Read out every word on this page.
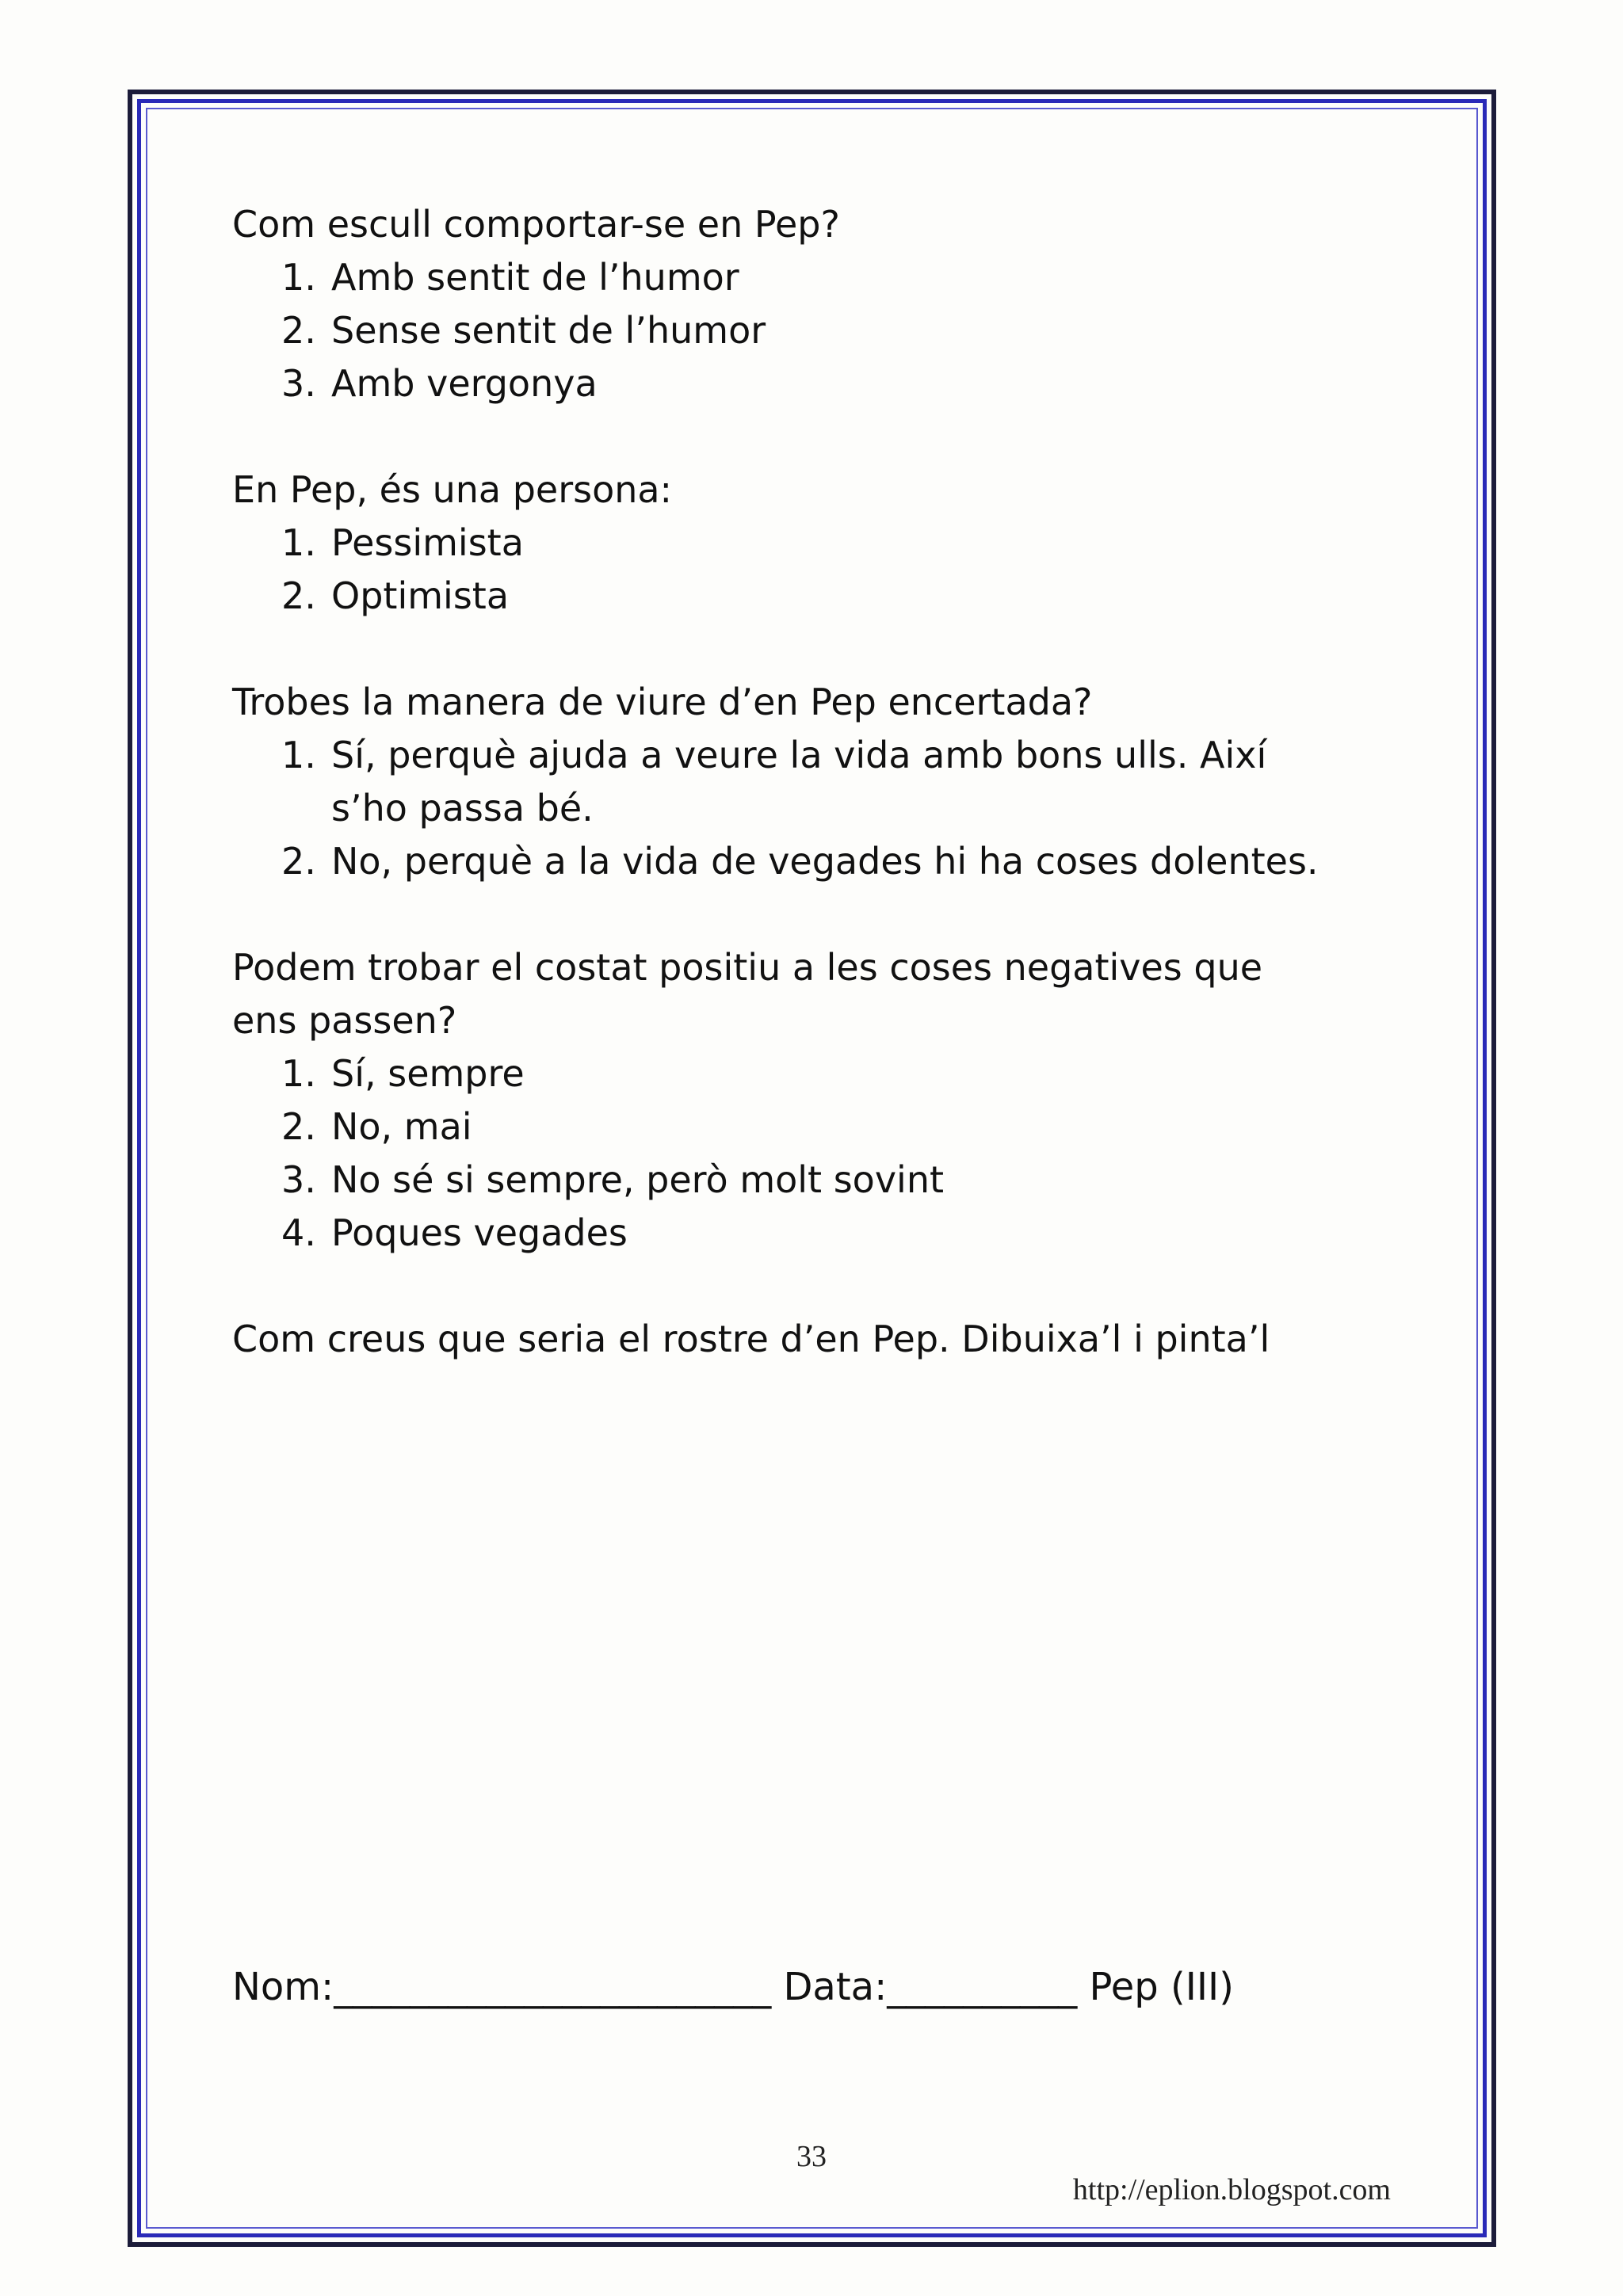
Com escull comportar-se en Pep?

1. Amb sentit de l’humor
2. Sense sentit de l’humor
3. Amb vergonya

En Pep, és una persona:

1. Pessimista
2. Optimista

Trobes la manera de viure d’en Pep encertada?

1. Sí, perquè ajuda a veure la vida amb bons ulls. Així s’ho passa bé.
2. No, perquè a la vida de vegades hi ha coses dolentes.

Podem trobar el costat positiu a les coses negatives que ens passen?

1. Sí, sempre
2. No, mai
3. No sé si sempre, però molt sovint
4. Poques vegades

Com creus que seria el rostre d’en Pep. Dibuixa’l i pinta’l

Nom:_______________________ Data:__________ Pep (III)
33
http://eplion.blogspot.com
